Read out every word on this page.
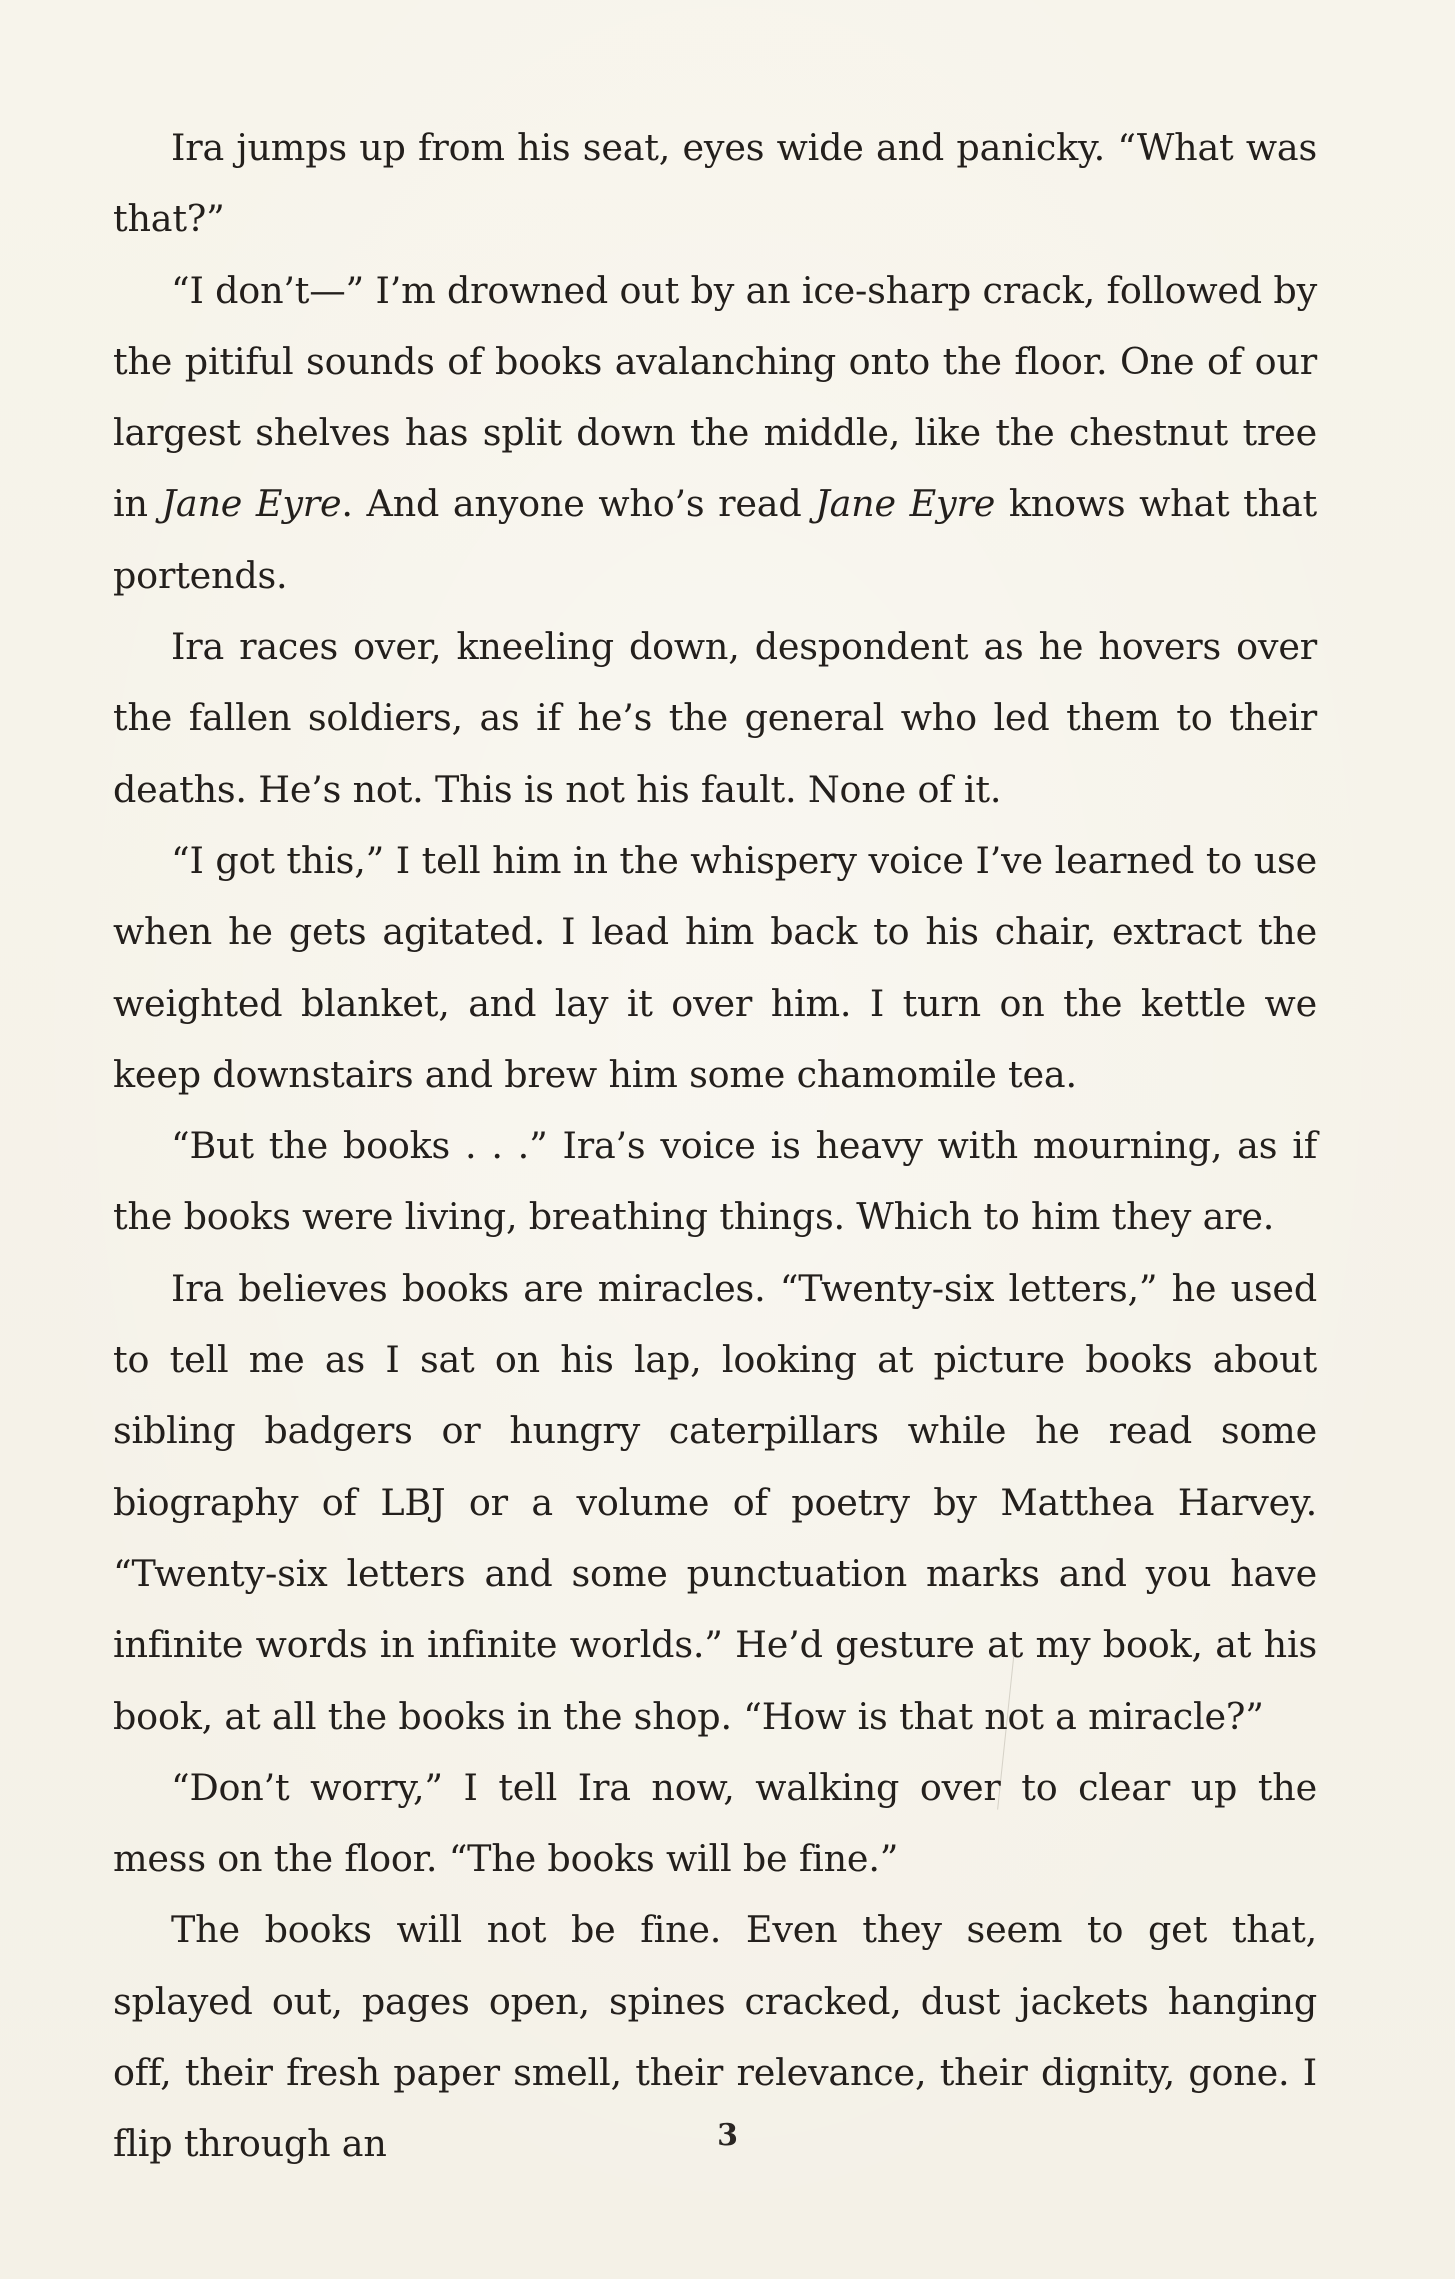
Ira jumps up from his seat, eyes wide and panicky. “What was that?”

“I don’t—” I’m drowned out by an ice-sharp crack, followed by the pitiful sounds of books avalanching onto the floor. One of our largest shelves has split down the middle, like the chestnut tree in Jane Eyre. And anyone who’s read Jane Eyre knows what that portends.

Ira races over, kneeling down, despondent as he hovers over the fallen soldiers, as if he’s the general who led them to their deaths. He’s not. This is not his fault. None of it.

“I got this,” I tell him in the whispery voice I’ve learned to use when he gets agitated. I lead him back to his chair, extract the weighted blanket, and lay it over him. I turn on the kettle we keep downstairs and brew him some chamomile tea.

“But the books . . .” Ira’s voice is heavy with mourning, as if the books were living, breathing things. Which to him they are.

Ira believes books are miracles. “Twenty-six letters,” he used to tell me as I sat on his lap, looking at picture books about sibling badgers or hungry caterpillars while he read some biography of LBJ or a volume of poetry by Matthea Harvey. “Twenty-six letters and some punctuation marks and you have infinite words in infinite worlds.” He’d gesture at my book, at his book, at all the books in the shop. “How is that not a miracle?”

“Don’t worry,” I tell Ira now, walking over to clear up the mess on the floor. “The books will be fine.”

The books will not be fine. Even they seem to get that, splayed out, pages open, spines cracked, dust jackets hanging off, their fresh paper smell, their relevance, their dignity, gone. I flip through an	3
